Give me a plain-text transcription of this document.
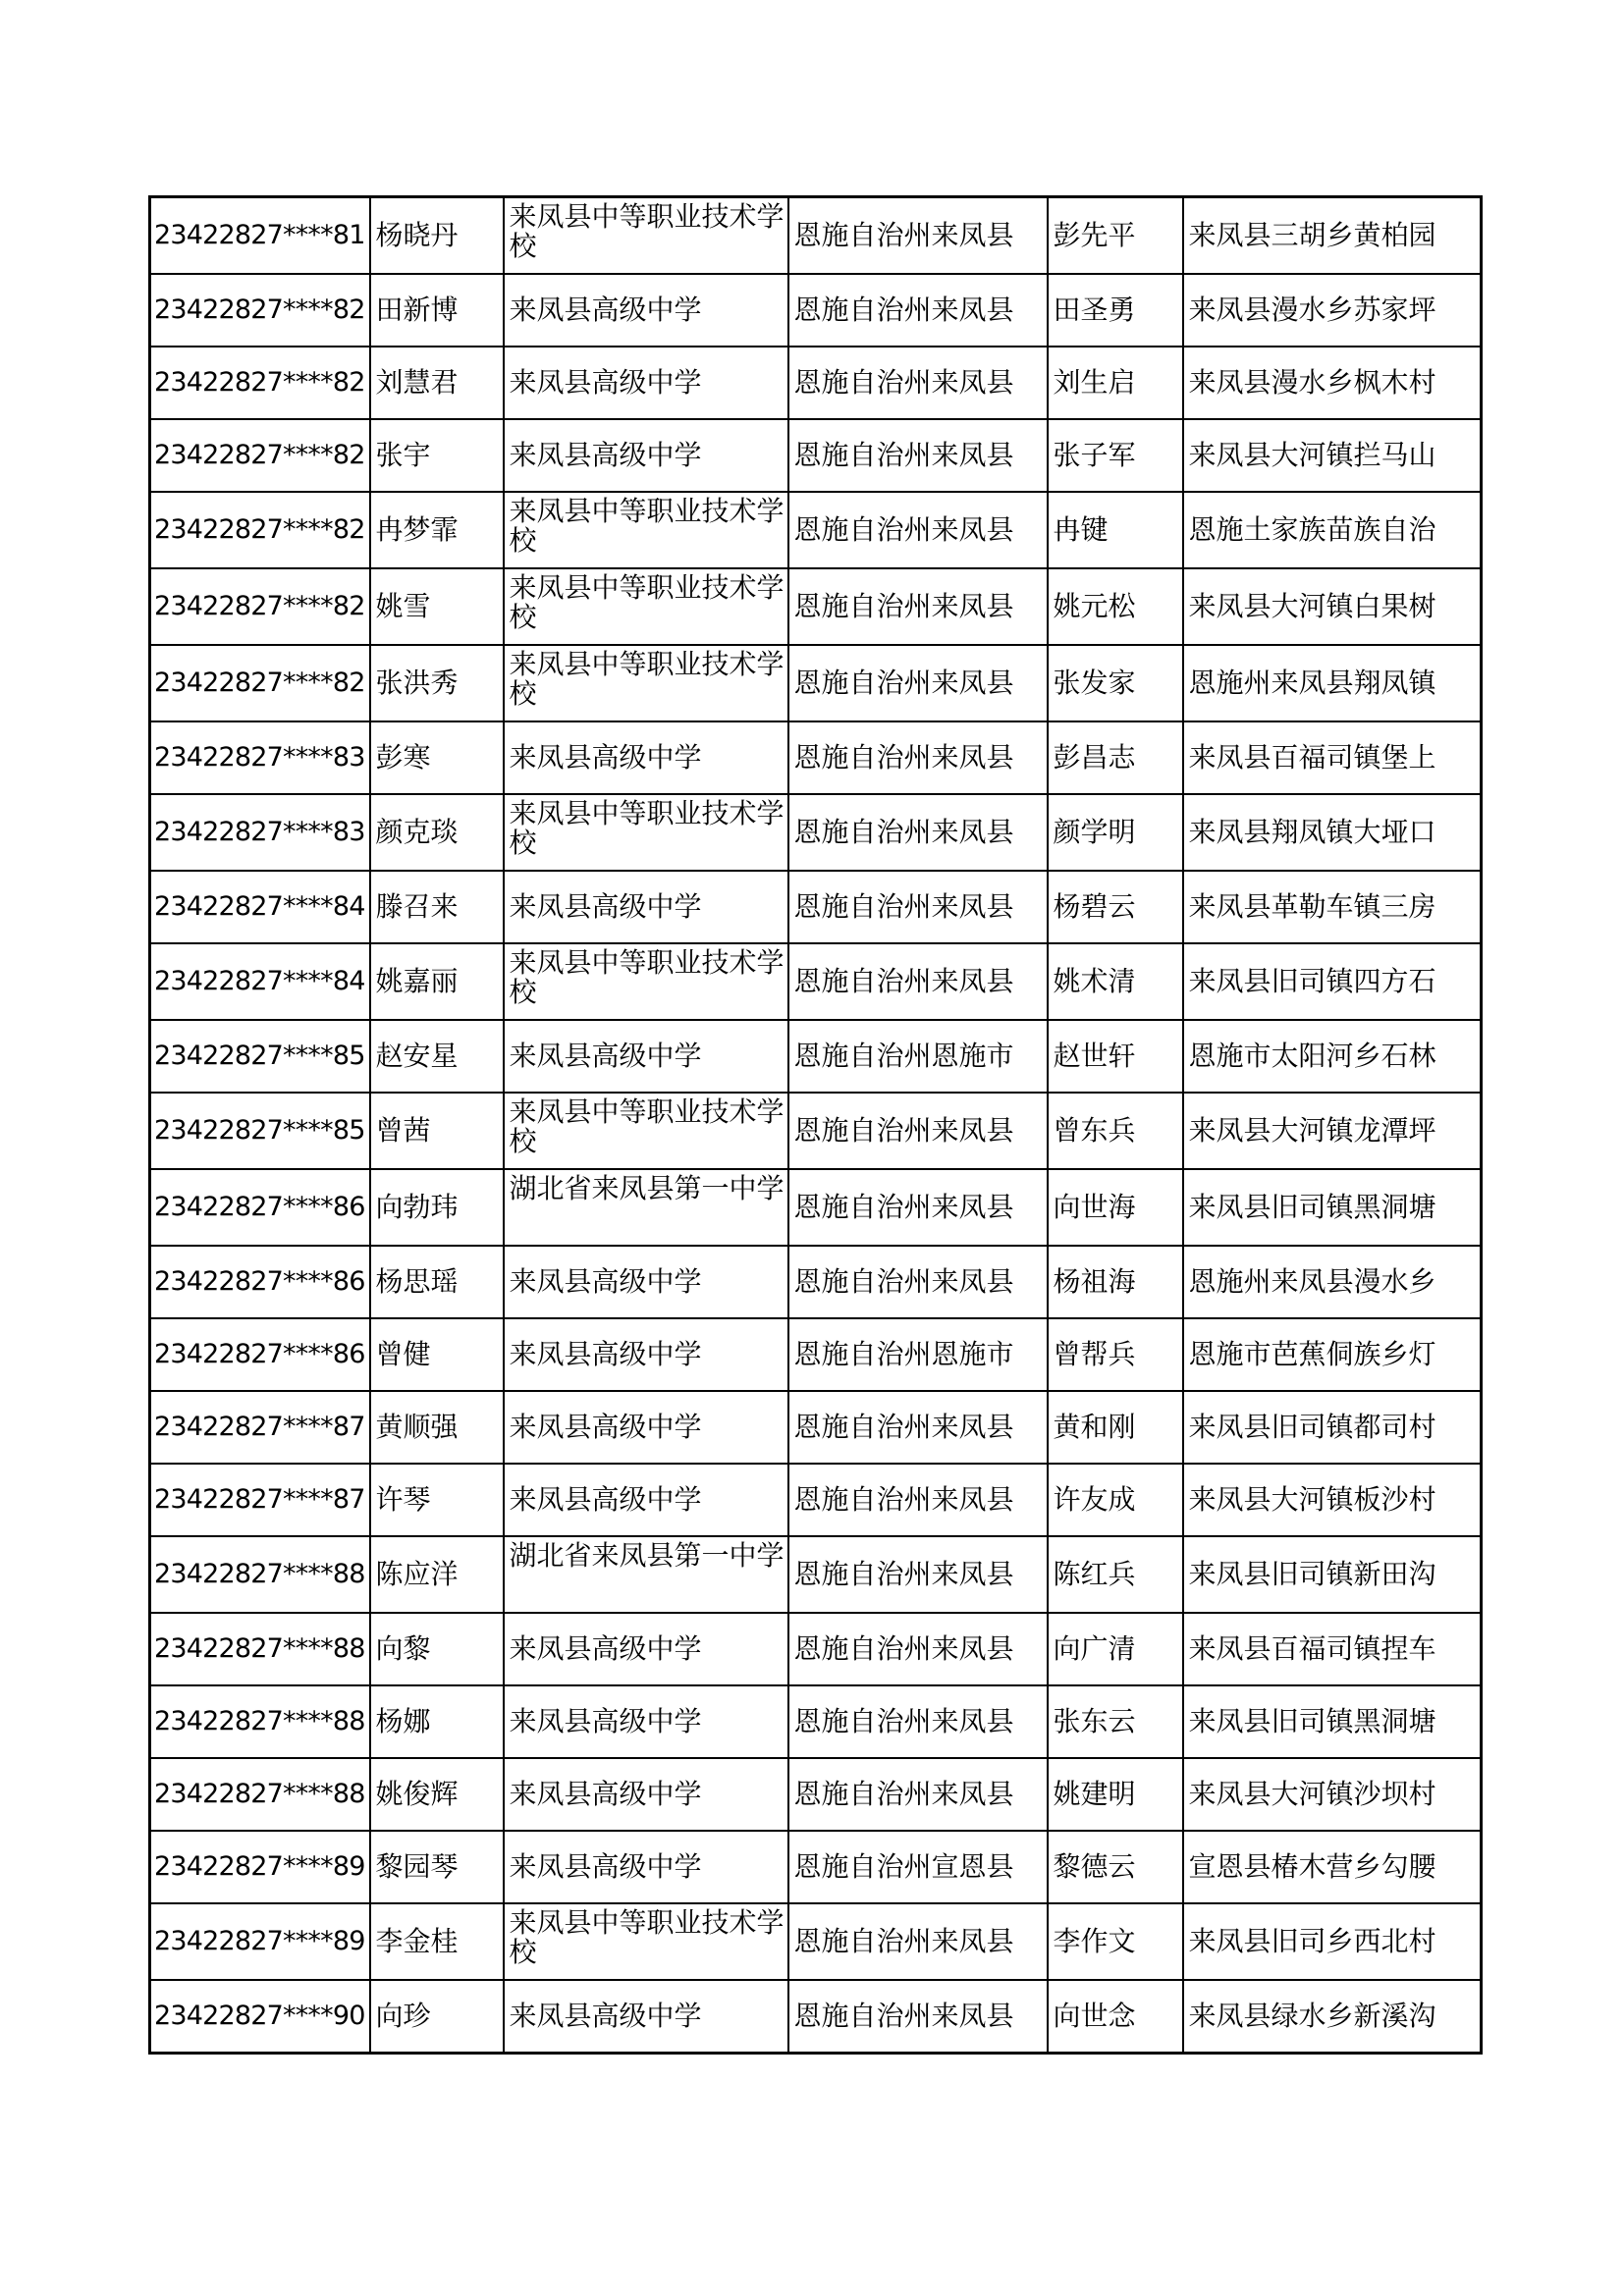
23422827****81	杨晓丹	来凤县中等职业技术学校	恩施自治州来凤县	彭先平	来凤县三胡乡黄柏园
23422827****82	田新博	来凤县高级中学	恩施自治州来凤县	田圣勇	来凤县漫水乡苏家坪
23422827****82	刘慧君	来凤县高级中学	恩施自治州来凤县	刘生启	来凤县漫水乡枫木村
23422827****82	张宇	来凤县高级中学	恩施自治州来凤县	张子军	来凤县大河镇拦马山
23422827****82	冉梦霏	来凤县中等职业技术学校	恩施自治州来凤县	冉键	恩施土家族苗族自治
23422827****82	姚雪	来凤县中等职业技术学校	恩施自治州来凤县	姚元松	来凤县大河镇白果树
23422827****82	张洪秀	来凤县中等职业技术学校	恩施自治州来凤县	张发家	恩施州来凤县翔凤镇
23422827****83	彭寒	来凤县高级中学	恩施自治州来凤县	彭昌志	来凤县百福司镇堡上
23422827****83	颜克琰	来凤县中等职业技术学校	恩施自治州来凤县	颜学明	来凤县翔凤镇大垭口
23422827****84	滕召来	来凤县高级中学	恩施自治州来凤县	杨碧云	来凤县革勒车镇三房
23422827****84	姚嘉丽	来凤县中等职业技术学校	恩施自治州来凤县	姚术清	来凤县旧司镇四方石
23422827****85	赵安星	来凤县高级中学	恩施自治州恩施市	赵世轩	恩施市太阳河乡石林
23422827****85	曾茜	来凤县中等职业技术学校	恩施自治州来凤县	曾东兵	来凤县大河镇龙潭坪
23422827****86	向勃玮	湖北省来凤县第一中学	恩施自治州来凤县	向世海	来凤县旧司镇黑洞塘
23422827****86	杨思瑶	来凤县高级中学	恩施自治州来凤县	杨祖海	恩施州来凤县漫水乡
23422827****86	曾健	来凤县高级中学	恩施自治州恩施市	曾帮兵	恩施市芭蕉侗族乡灯
23422827****87	黄顺强	来凤县高级中学	恩施自治州来凤县	黄和刚	来凤县旧司镇都司村
23422827****87	许琴	来凤县高级中学	恩施自治州来凤县	许友成	来凤县大河镇板沙村
23422827****88	陈应洋	湖北省来凤县第一中学	恩施自治州来凤县	陈红兵	来凤县旧司镇新田沟
23422827****88	向黎	来凤县高级中学	恩施自治州来凤县	向广清	来凤县百福司镇捏车
23422827****88	杨娜	来凤县高级中学	恩施自治州来凤县	张东云	来凤县旧司镇黑洞塘
23422827****88	姚俊辉	来凤县高级中学	恩施自治州来凤县	姚建明	来凤县大河镇沙坝村
23422827****89	黎园琴	来凤县高级中学	恩施自治州宣恩县	黎德云	宣恩县椿木营乡勾腰
23422827****89	李金桂	来凤县中等职业技术学校	恩施自治州来凤县	李作文	来凤县旧司乡西北村
23422827****90	向珍	来凤县高级中学	恩施自治州来凤县	向世念	来凤县绿水乡新溪沟
